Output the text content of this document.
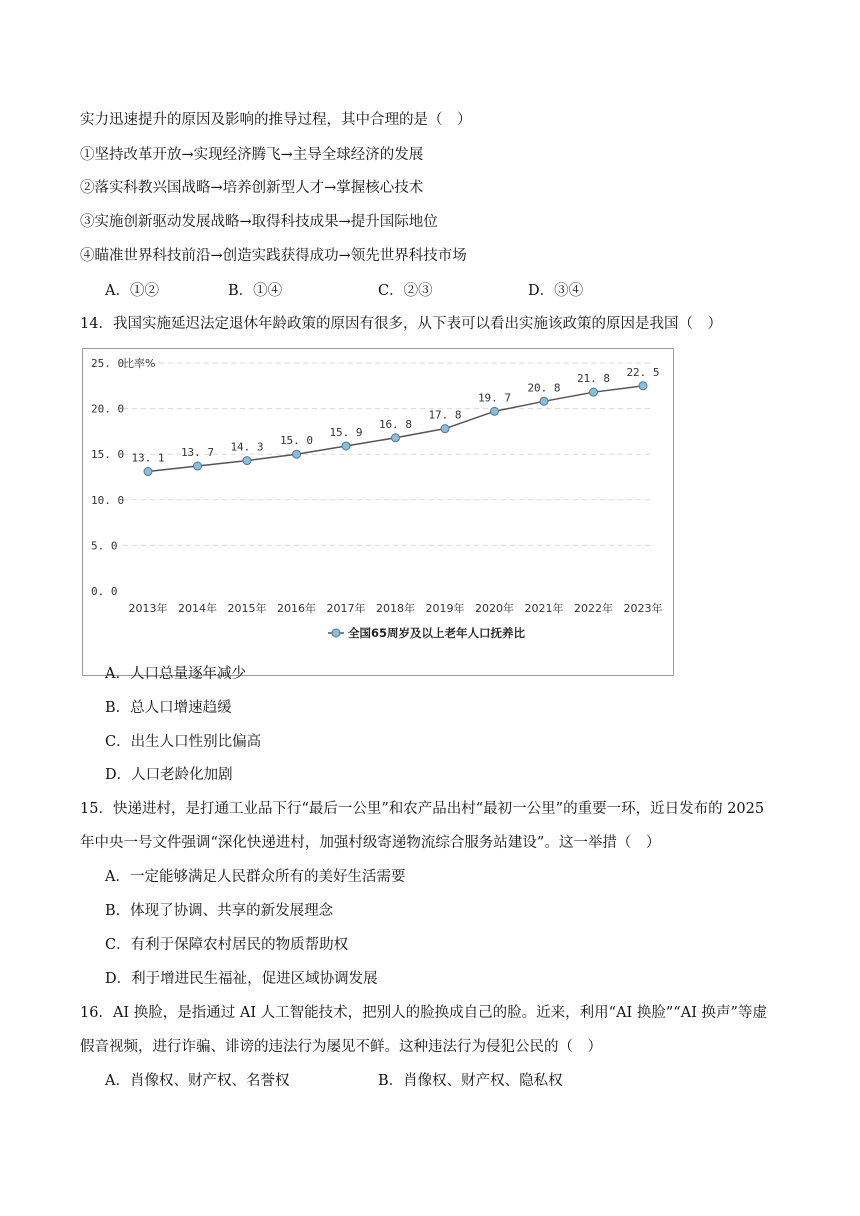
实力迅速提升的原因及影响的推导过程，其中合理的是（　）
①坚持改革开放→实现经济腾飞→主导全球经济的发展
②落实科教兴国战略→培养创新型人才→掌握核心技术
③实施创新驱动发展战略→取得科技成果→提升国际地位
④瞄准世界科技前沿→创造实践获得成功→领先世界科技市场
A．①②	B．①④	C．②③	D．③④
14．我国实施延迟法定退休年龄政策的原因有很多，从下表可以看出实施该政策的原因是我国（　）
0. 0
5. 0
10. 0
15. 0
20. 0
25. 0
比率%
2013年 2014年 2015年 2016年 2017年 2018年 2019年 2020年 2021年 2022年 2023年
13. 1 13. 7 14. 3 15. 0
15. 9
16. 8
17. 8
19. 7
20. 8
21. 8 22. 5
全国65周岁及以上老年人口抚养比
A．人口总量逐年减少
B．总人口增速趋缓
C．出生人口性别比偏高
D．人口老龄化加剧
15．快递进村，是打通工业品下行“最后一公里”和农产品出村“最初一公里”的重要一环，近日发布的 2025
年中央一号文件强调“深化快递进村，加强村级寄递物流综合服务站建设”。这一举措（　）
A．一定能够满足人民群众所有的美好生活需要
B．体现了协调、共享的新发展理念
C．有利于保障农村居民的物质帮助权
D．利于增进民生福祉，促进区域协调发展
16．AI 换脸，是指通过 AI 人工智能技术，把别人的脸换成自己的脸。近来，利用“AI 换脸”“AI 换声”等虚
假音视频，进行诈骗、诽谤的违法行为屡见不鲜。这种违法行为侵犯公民的（　）
A．肖像权、财产权、名誉权	B．肖像权、财产权、隐私权
